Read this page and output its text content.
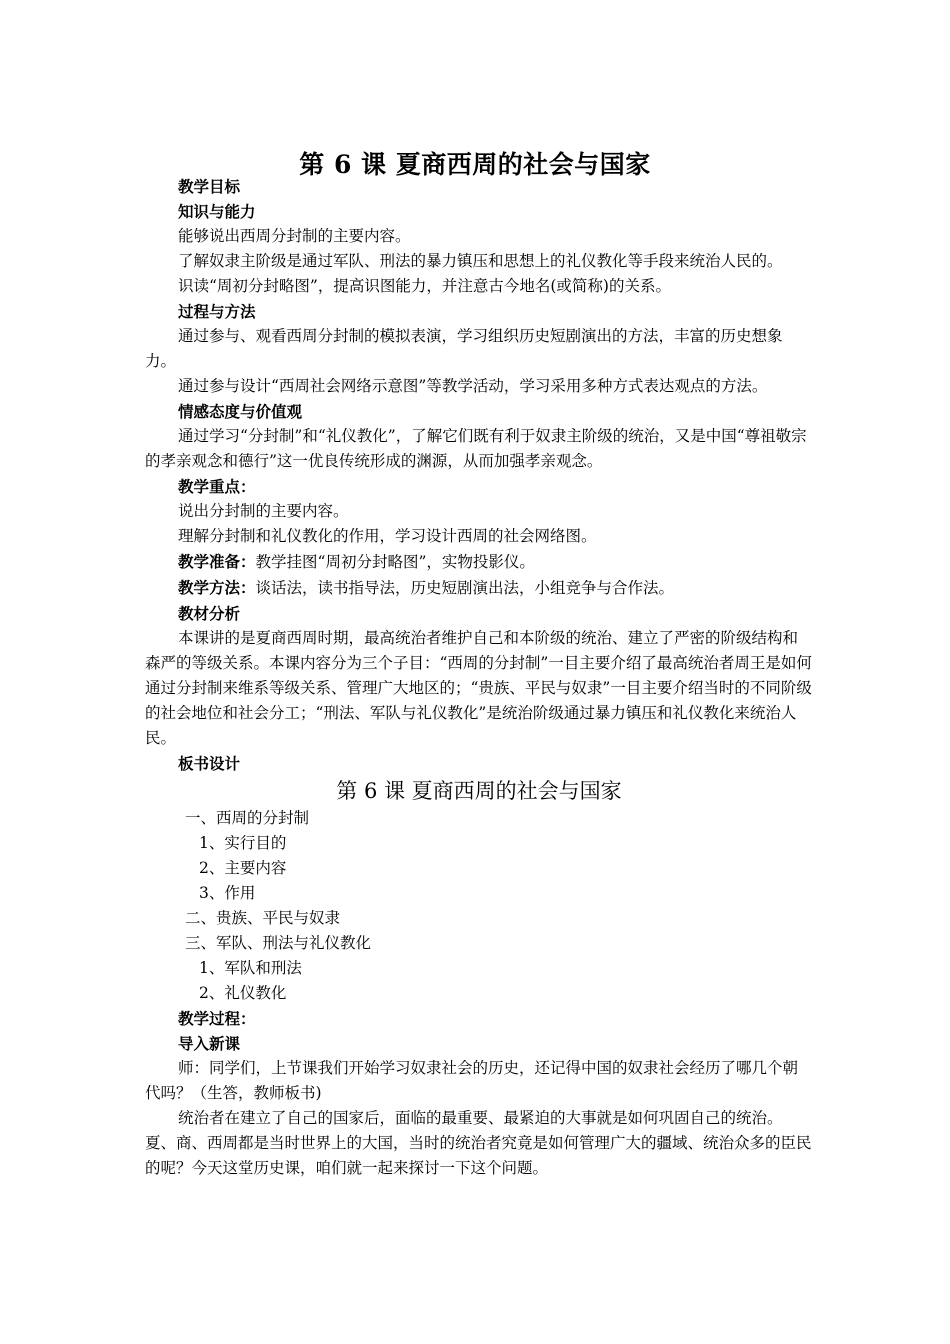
第 6 课 夏商西周的社会与国家

教学目标

知识与能力

能够说出西周分封制的主要内容。

了解奴隶主阶级是通过军队、刑法的暴力镇压和思想上的礼仪教化等手段来统治人民的。

识读“周初分封略图”，提高识图能力，并注意古今地名(或简称)的关系。

过程与方法

通过参与、观看西周分封制的模拟表演，学习组织历史短剧演出的方法，丰富的历史想象力。

通过参与设计“西周社会网络示意图”等教学活动，学习采用多种方式表达观点的方法。

情感态度与价值观

通过学习“分封制”和“礼仪教化”，了解它们既有利于奴隶主阶级的统治，又是中国“尊祖敬宗的孝亲观念和德行”这一优良传统形成的渊源，从而加强孝亲观念。

教学重点：

说出分封制的主要内容。

理解分封制和礼仪教化的作用，学习设计西周的社会网络图。

教学准备：教学挂图“周初分封略图”，实物投影仪。

教学方法：谈话法，读书指导法，历史短剧演出法，小组竞争与合作法。

教材分析

本课讲的是夏商西周时期，最高统治者维护自己和本阶级的统治、建立了严密的阶级结构和森严的等级关系。本课内容分为三个子目：“西周的分封制”一目主要介绍了最高统治者周王是如何通过分封制来维系等级关系、管理广大地区的；“贵族、平民与奴隶”一目主要介绍当时的不同阶级的社会地位和社会分工；“刑法、军队与礼仪教化”是统治阶级通过暴力镇压和礼仪教化来统治人民。

板书设计

第 6 课 夏商西周的社会与国家

一、西周的分封制

1、实行目的

2、主要内容

3、作用

二、贵族、平民与奴隶

三、军队、刑法与礼仪教化

1、军队和刑法

2、礼仪教化

教学过程：

导入新课

师：同学们，上节课我们开始学习奴隶社会的历史，还记得中国的奴隶社会经历了哪几个朝代吗？（生答，教师板书)

统治者在建立了自己的国家后，面临的最重要、最紧迫的大事就是如何巩固自己的统治。夏、商、西周都是当时世界上的大国，当时的统治者究竟是如何管理广大的疆域、统治众多的臣民的呢？今天这堂历史课，咱们就一起来探讨一下这个问题。
